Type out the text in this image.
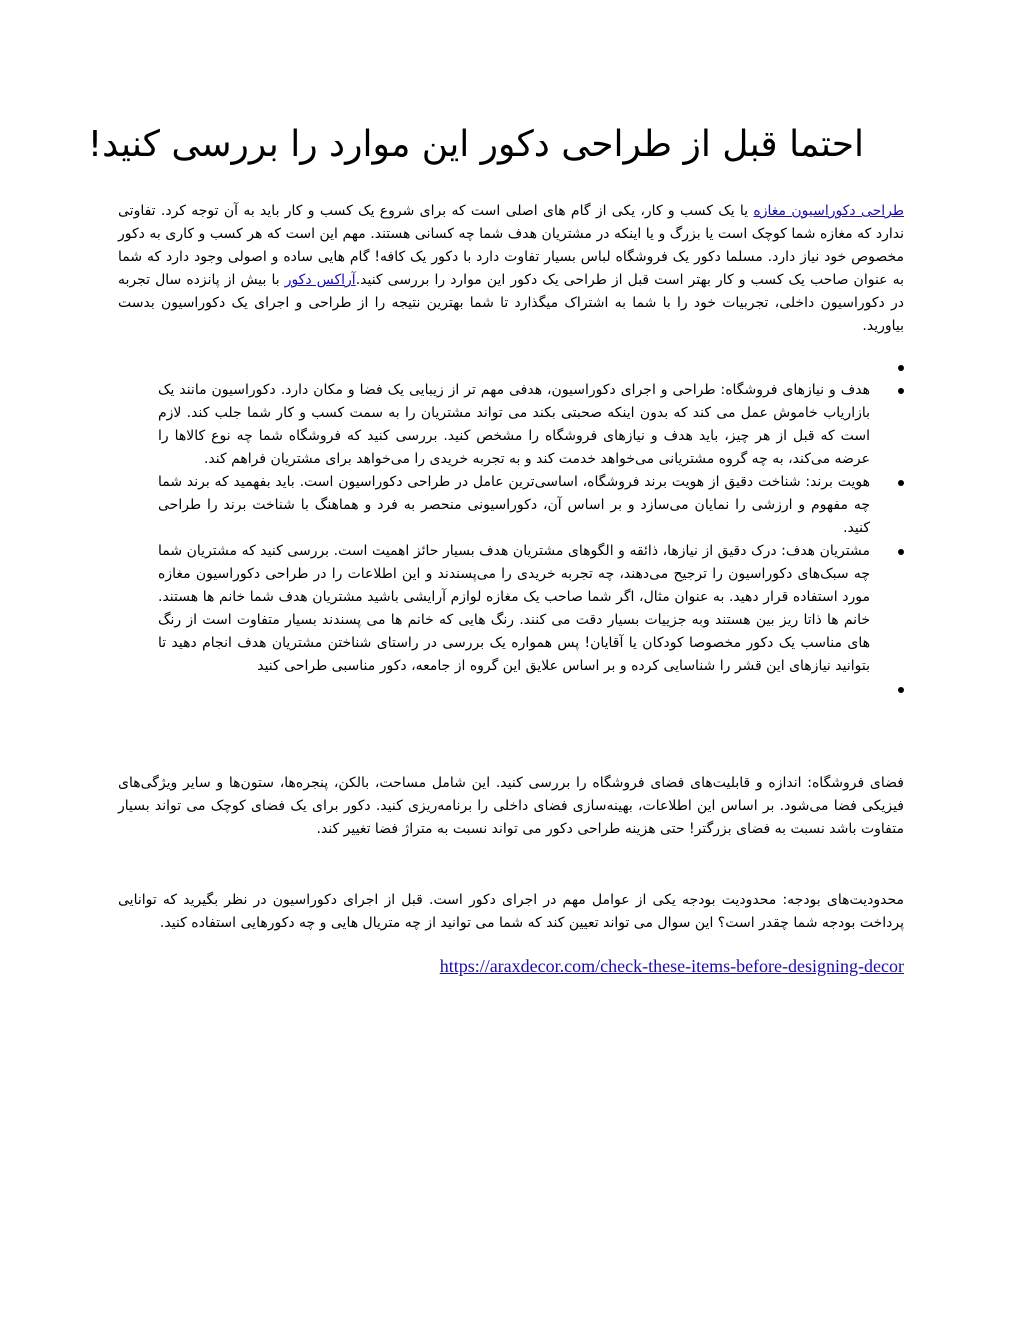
احتما قبل از طراحی دکور این موارد را بررسی کنید!

طراحی دکوراسیون مغازه یا یک کسب و کار، یکی از گام های اصلی است که برای شروع یک کسب و کار باید به آن توجه کرد. تفاوتی ندارد که مغازه شما کوچک است یا بزرگ و یا اینکه در مشتریان هدف شما چه کسانی هستند. مهم این است که هر کسب و کاری به دکور مخصوص خود نیاز دارد. مسلما دکور یک فروشگاه لباس بسیار تفاوت دارد با دکور یک کافه! گام هایی ساده و اصولی وجود دارد که شما به عنوان صاحب یک کسب و کار بهتر است قبل از طراحی یک دکور این موارد را بررسی کنید.آراکس دکور با بیش از پانزده سال تجربه در دکوراسیون داخلی، تجربیات خود را با شما به اشتراک میگذارد تا شما بهترین نتیجه را از طراحی و اجرای یک دکوراسیون بدست بیاورید.

هدف و نیازهای فروشگاه: طراحی و اجرای دکوراسیون، هدفی مهم تر از زیبایی یک فضا و مکان دارد. دکوراسیون مانند یک بازاریاب خاموش عمل می کند که بدون اینکه صحبتی بکند می تواند مشتریان را به سمت کسب و کار شما جلب کند. لازم است که قبل از هر چیز، باید هدف و نیازهای فروشگاه را مشخص کنید. بررسی کنید که فروشگاه شما چه نوع کالاها را عرضه می‌کند، به چه گروه مشتریانی می‌خواهد خدمت کند و به تجربه خریدی را می‌خواهد برای مشتریان فراهم کند.
هویت برند: شناخت دقیق از هویت برند فروشگاه، اساسی‌ترین عامل در طراحی دکوراسیون است. باید بفهمید که برند شما چه مفهوم و ارزشی را نمایان می‌سازد و بر اساس آن، دکوراسیونی منحصر به فرد و هماهنگ با شناخت برند را طراحی کنید.
مشتریان هدف: درک دقیق از نیازها، ذائقه و الگوهای مشتریان هدف بسیار حائز اهمیت است. بررسی کنید که مشتریان شما چه سبک‌های دکوراسیون را ترجیح می‌دهند، چه تجربه خریدی را می‌پسندند و این اطلاعات را در طراحی دکوراسیون مغازه مورد استفاده قرار دهید. به عنوان مثال، اگر شما صاحب یک مغازه لوازم آرایشی باشید مشتریان هدف شما خانم ها هستند. خانم ها ذاتا ریز بین هستند وبه جزییات بسیار دقت می کنند. رنگ هایی که خانم ها می پسندند بسیار متفاوت است از رنگ های مناسب یک دکور مخصوصا کودکان یا آقایان! پس همواره یک بررسی در راستای شناختن مشتریان هدف انجام دهید تا بتوانید نیازهای این قشر را شناسایی کرده و بر اساس علایق این گروه از جامعه، دکور مناسبی طراحی کنید

فضای فروشگاه: اندازه و قابلیت‌های فضای فروشگاه را بررسی کنید. این شامل مساحت، بالکن، پنجره‌ها، ستون‌ها و سایر ویژگی‌های فیزیکی فضا می‌شود. بر اساس این اطلاعات، بهینه‌سازی فضای داخلی را برنامه‌ریزی کنید. دکور برای یک فضای کوچک می تواند بسیار متفاوت باشد نسبت به فضای بزرگتر! حتی هزینه طراحی دکور می تواند نسبت به متراژ فضا تغییر کند.

محدودیت‌های بودجه: محدودیت بودجه یکی از عوامل مهم در اجرای دکور است. قبل از اجرای دکوراسیون در نظر بگیرید که توانایی پرداخت بودجه شما چقدر است؟ این سوال می تواند تعیین کند که شما می توانید از چه متریال هایی و چه دکورهایی استفاده کنید.

https://araxdecor.com/check-these-items-before-designing-decor
